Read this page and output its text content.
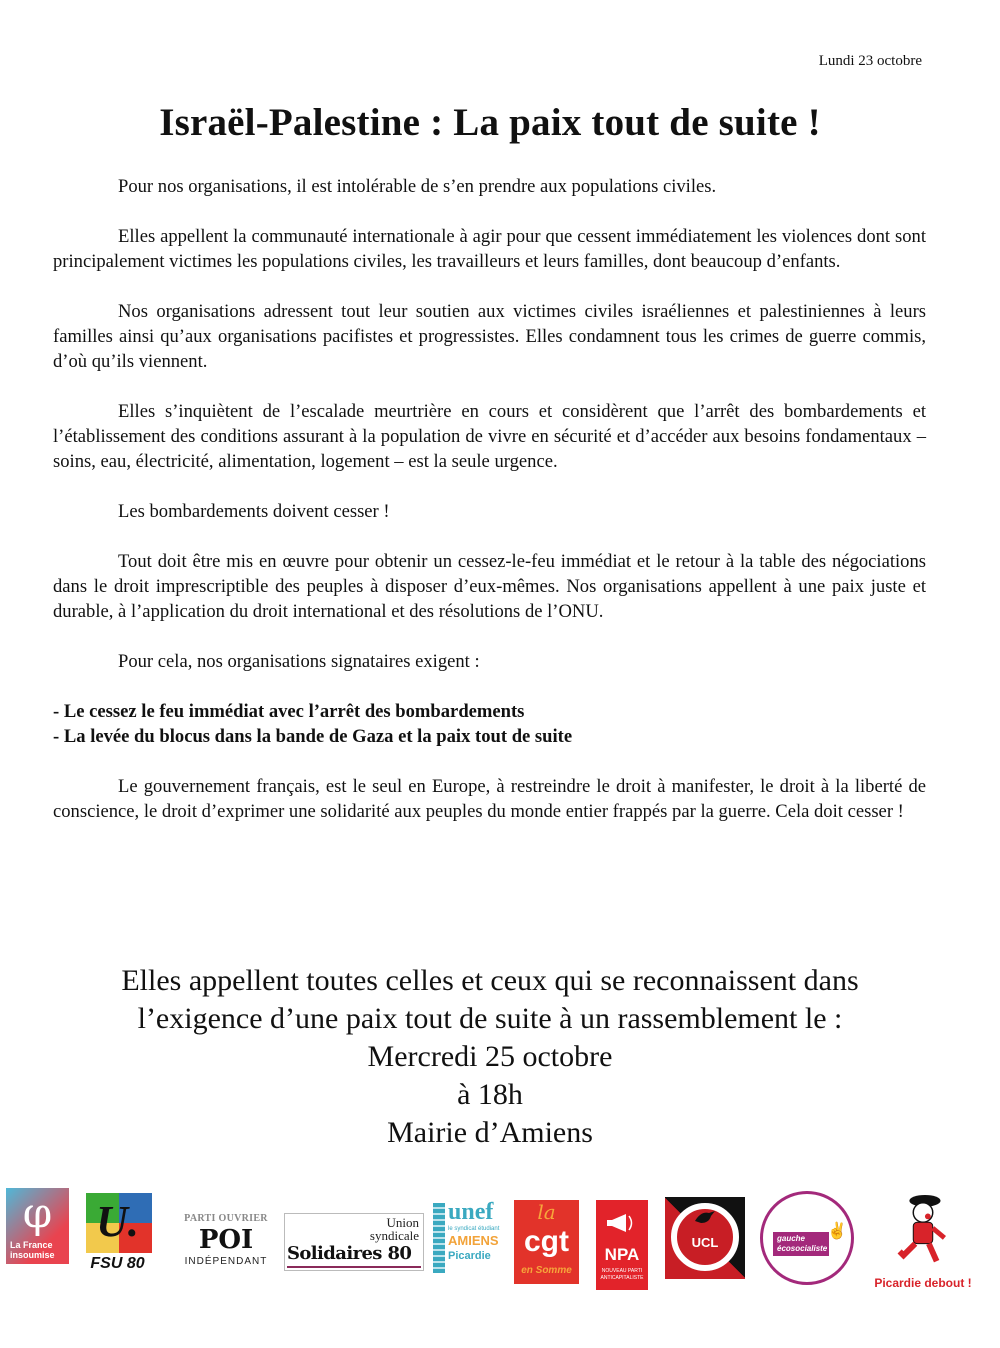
Lundi 23 octobre
Israël-Palestine : La paix tout de suite !

Pour nos organisations, il est intolérable de s’en prendre aux populations civiles.

Elles appellent la communauté internationale à agir pour que cessent immédiatement les violences dont sont principalement victimes les populations civiles, les travailleurs et leurs familles, dont beaucoup d’enfants.

Nos organisations adressent tout leur soutien aux victimes civiles israéliennes et palestiniennes à leurs familles ainsi qu’aux organisations pacifistes et progressistes. Elles condamnent tous les crimes de guerre commis, d’où qu’ils viennent.

Elles s’inquiètent de l’escalade meurtrière en cours et considèrent que l’arrêt des bombardements et l’établissement des conditions assurant à la population de vivre en sécurité et d’accéder aux besoins fondamentaux – soins, eau, électricité, alimentation, logement – est la seule urgence.

Les bombardements doivent cesser !

Tout doit être mis en œuvre pour obtenir un cessez-le-feu immédiat et le retour à la table des négociations dans le droit imprescriptible des peuples à disposer d’eux-mêmes. Nos organisations appellent à une paix juste et durable, à l’application du droit international et des résolutions de l’ONU.

Pour cela, nos organisations signataires exigent :

- Le cessez le feu immédiat avec l’arrêt des bombardements
- La levée du blocus dans la bande de Gaza et la paix tout de suite

Le gouvernement français, est le seul en Europe, à restreindre le droit à manifester, le droit à la liberté de conscience, le droit d’exprimer une solidarité aux peuples du monde entier frappés par la guerre. Cela doit cesser !

Elles appellent toutes celles et ceux qui se reconnaissent dans
l’exigence d’une paix tout de suite à un rassemblement le :
Mercredi 25 octobre
à 18h
Mairie d’Amiens
φ
La France insoumise
U.
FSU 80
PARTI OUVRIER
POI
INDÉPENDANT
Union syndicale
Solidaires 80
unef
le syndicat étudiant
AMIENS
Picardie
la
cgt
en Somme
NPA
NOUVEAU PARTI ANTICAPITALISTE
UCL	gauche écosocialiste
✌
Picardie debout !
